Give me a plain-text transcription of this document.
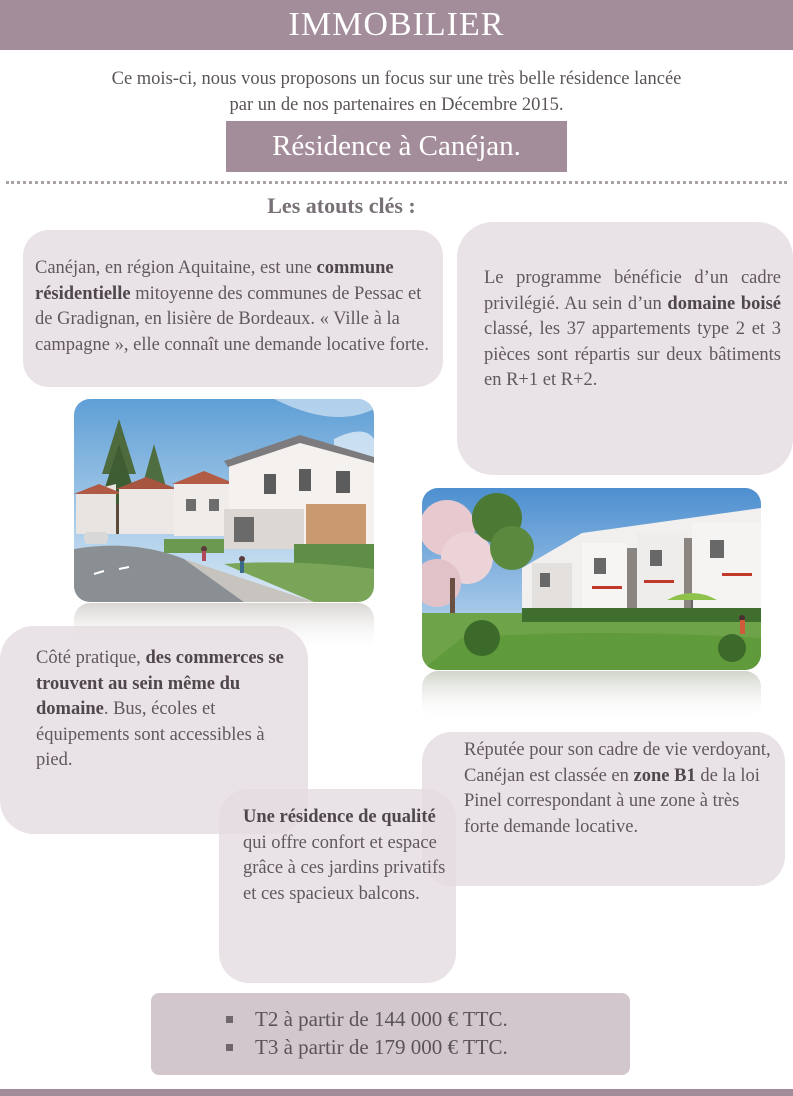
IMMOBILIER
Ce mois-ci, nous vous proposons un focus sur une très belle résidence lancée
par un de nos partenaires en Décembre 2015.
Résidence à Canéjan.
Les atouts clés :
Canéjan, en région Aquitaine, est une commune résidentielle mitoyenne des communes de Pessac et de Gradignan, en lisière de Bordeaux. « Ville à la campagne », elle connaît une demande locative forte.
Le programme bénéficie d’un cadre privilégié. Au sein d’un domaine boisé classé, les 37 appartements type 2 et 3 pièces sont répartis sur deux bâtiments en R+1 et R+2.
Côté pratique, des commerces se trouvent au sein même du domaine. Bus, écoles et équipements sont accessibles à pied.	Réputée pour son cadre de vie verdoyant, Canéjan est classée en zone B1 de la loi Pinel correspondant à une zone à très forte demande locative.
Une résidence de qualité qui offre confort et espace grâce à ces jardins privatifs et ces spacieux balcons.
T2 à partir de 144 000 € TTC.
T3 à partir de 179 000 € TTC.
